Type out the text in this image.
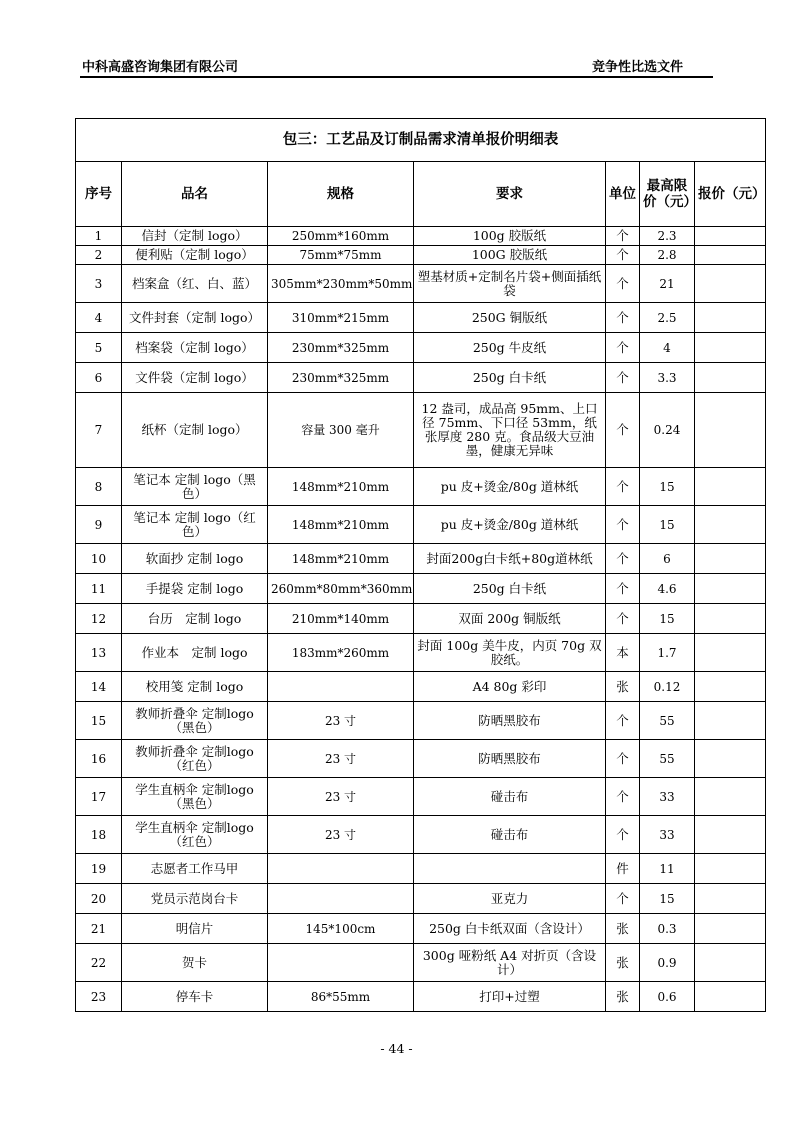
中科高盛咨询集团有限公司	竞争性比选文件
包三：工艺品及订制品需求清单报价明细表						
序号	品名	规格	要求	单位	最高限价（元）	报价（元）
1	信封（定制 logo）	250mm*160mm	100g 胶版纸	个	2.3	
2	便利贴（定制 logo）	75mm*75mm	100G 胶版纸	个	2.8	
3	档案盒（红、白、蓝）	305mm*230mm*50mm	塑基材质+定制名片袋+侧面插纸袋	个	21	
4	文件封套（定制 logo）	310mm*215mm	250G 铜版纸	个	2.5	
5	档案袋（定制 logo）	230mm*325mm	250g 牛皮纸	个	4	
6	文件袋（定制 logo）	230mm*325mm	250g 白卡纸	个	3.3	
7	纸杯（定制 logo）	容量 300 毫升	12 盎司，成品高 95mm、上口径 75mm、下口径 53mm，纸张厚度 280 克。食品级大豆油墨，健康无异味	个	0.24	
8	笔记本 定制 logo（黑色）	148mm*210mm	pu 皮+烫金/80g 道林纸	个	15	
9	笔记本 定制 logo（红色）	148mm*210mm	pu 皮+烫金/80g 道林纸	个	15	
10	软面抄 定制 logo	148mm*210mm	封面200g白卡纸+80g道林纸	个	6	
11	手提袋 定制 logo	260mm*80mm*360mm	250g 白卡纸	个	4.6	
12	台历　定制 logo	210mm*140mm	双面 200g 铜版纸	个	15	
13	作业本　定制 logo	183mm*260mm	封面 100g 美牛皮，内页 70g 双胶纸。	本	1.7	
14	校用笺 定制 logo		A4 80g 彩印	张	0.12	
15	教师折叠伞 定制logo（黑色）	23 寸	防晒黑胶布	个	55	
16	教师折叠伞 定制logo（红色）	23 寸	防晒黑胶布	个	55	
17	学生直柄伞 定制logo（黑色）	23 寸	碰击布	个	33	
18	学生直柄伞 定制logo（红色）	23 寸	碰击布	个	33	
19	志愿者工作马甲			件	11	
20	党员示范岗台卡		亚克力	个	15	
21	明信片	145*100cm	250g 白卡纸双面（含设计）	张	0.3	
22	贺卡		300g 哑粉纸 A4 对折页（含设计）	张	0.9	
23	停车卡	86*55mm	打印+过塑	张	0.6	
- 44 -
